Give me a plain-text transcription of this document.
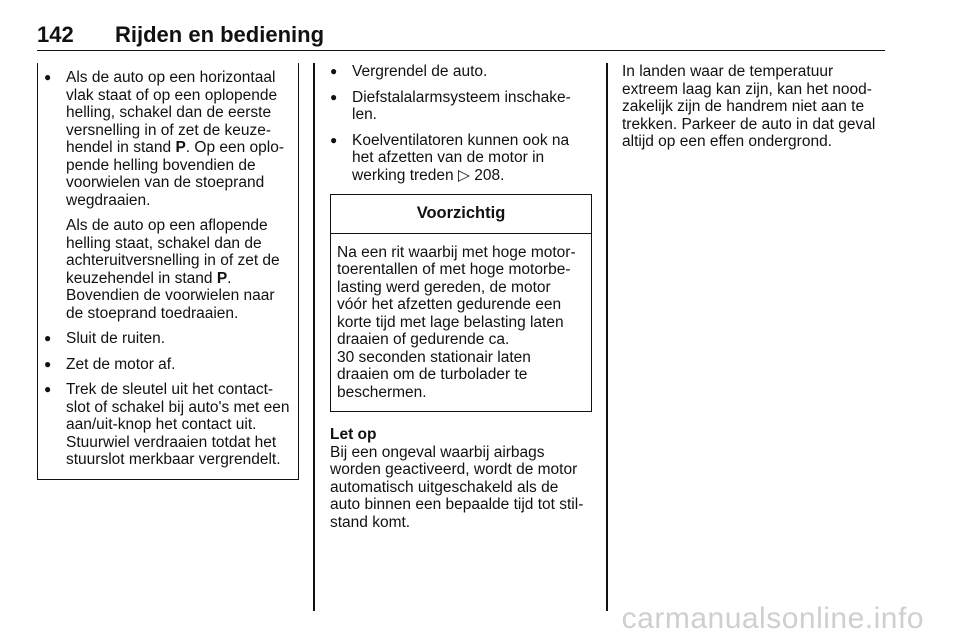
142 Rijden en bediening
● Als de auto op een horizontaal vlak staat of op een oplopende helling, schakel dan de eerste versnelling in of zet de keuze-hendel in stand P. Op een oplo-pende helling bovendien de voorwielen van de stoeprand wegdraaien.
Als de auto op een aflopende helling staat, schakel dan de achteruitversnelling in of zet de keuzehendel in stand P. Bovendien de voorwielen naar de stoeprand toedraaien.
● Sluit de ruiten.
● Zet de motor af.
● Trek de sleutel uit het contact-slot of schakel bij auto's met een aan/uit-knop het contact uit. Stuurwiel verdraaien totdat het stuurslot merkbaar vergrendelt.
● Vergrendel de auto.
● Diefstalalarmsysteem inschake-len.
● Koelventilatoren kunnen ook na het afzetten van de motor in werking treden ▷ 208.
Voorzichtig

Na een rit waarbij met hoge motor-toerentallen of met hoge motorbe-lasting werd gereden, de motor vóór het afzetten gedurende een korte tijd met lage belasting laten draaien of gedurende ca.

30 seconden stationair laten draaien om de turbolader te beschermen.

Let op

Bij een ongeval waarbij airbags worden geactiveerd, wordt de motor automatisch uitgeschakeld als de auto binnen een bepaalde tijd tot stil-stand komt.

In landen waar de temperatuur extreem laag kan zijn, kan het nood-zakelijk zijn de handrem niet aan te trekken. Parkeer de auto in dat geval altijd op een effen ondergrond.

carmanualsonline.info
